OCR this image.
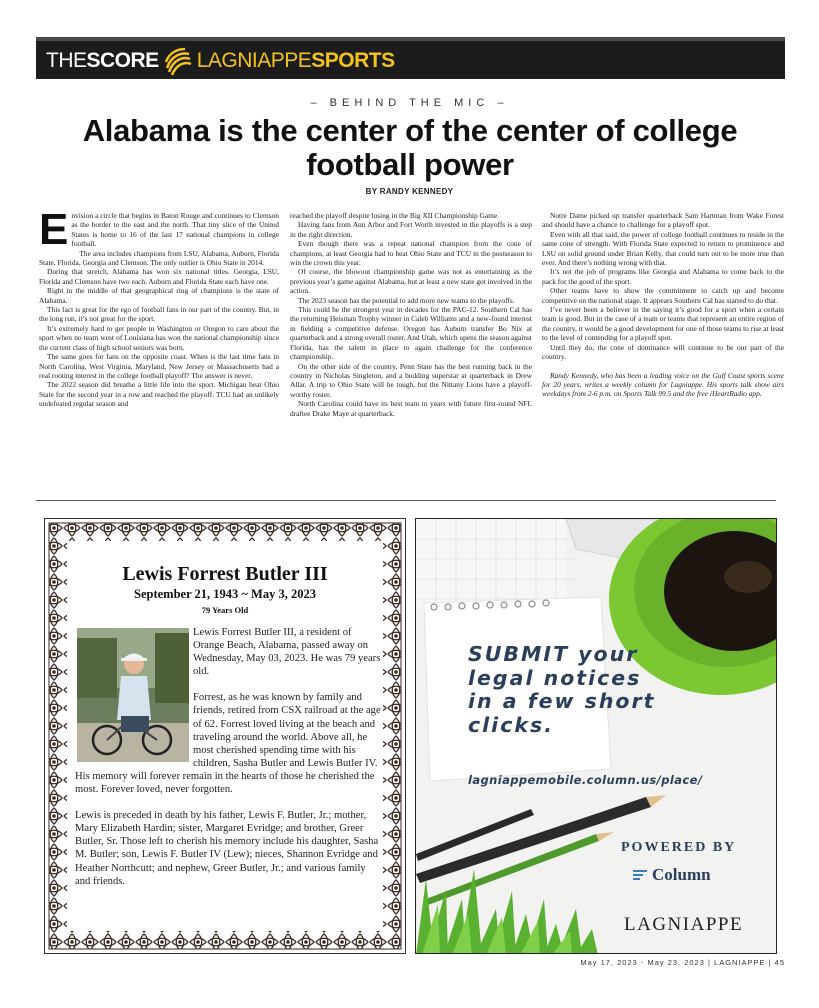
THE SCORE LAGNIAPPE SPORTS
– BEHIND THE MIC –
Alabama is the center of the center of college football power
BY RANDY KENNEDY
E nvision a circle that begins in Baton Rouge and continues to Clemson as the border to the east and the north. That tiny slice of the United States is home to 16 of the last 17 national champions in college football.

The area includes champions from LSU, Alabama, Auburn, Florida State, Florida, Georgia and Clemson. The only outlier is Ohio State in 2014.

During that stretch, Alabama has won six national titles. Georgia, LSU, Florida and Clemson have two each. Auburn and Florida State each have one.

Right in the middle of that geographical ring of champions is the state of Alabama.

This fact is great for the ego of football fans in our part of the country. But, in the long run, it’s not great for the sport.

It’s extremely hard to get people in Washington or Oregon to care about the sport when no team west of Louisiana has won the national championship since the current class of high school seniors was born.

The same goes for fans on the opposite coast. When is the last time fans in North Carolina, West Virginia, Maryland, New Jersey or Massachusetts had a real rooting interest in the college football playoff? The answer is never.

The 2022 season did breathe a little life into the sport. Michigan beat Ohio State for the second year in a row and reached the playoff. TCU had an unlikely undefeated regular season and

reached the playoff despite losing in the Big XII Championship Game.

Having fans from Ann Arbor and Fort Worth invested in the playoffs is a step in the right direction.

Even though there was a repeat national champion from the cone of champions, at least Georgia had to beat Ohio State and TCU in the postseason to win the crown this year.

Of course, the blowout championship game was not as entertaining as the previous year’s game against Alabama, but at least a new state got involved in the action.

The 2023 season has the potential to add more new teams to the playoffs.

This could be the strongest year in decades for the PAC-12. Southern Cal has the returning Heisman Trophy winner in Caleb Williams and a new-found interest in fielding a competitive defense. Oregon has Auburn transfer Bo Nix at quarterback and a strong overall roster. And Utah, which opens the season against Florida, has the talent in place to again challenge for the conference championship.

On the other side of the country, Penn State has the best running back in the country in Nicholas Singleton, and a budding superstar at quarterback in Drew Allar. A trip to Ohio State will be tough, but the Nittany Lions have a playoff-worthy roster.

North Carolina could have its best team in years with future first-round NFL draftee Drake Maye at quarterback.

Notre Dame picked up transfer quarterback Sam Hartman from Wake Forest and should have a chance to challenge for a playoff spot.

Even with all that said, the power of college football continues to reside in the same cone of strength. With Florida State expected to return to prominence and LSU on solid ground under Brian Kelly, that could turn out to be more true than ever. And there’s nothing wrong with that.

It’s not the job of programs like Georgia and Alabama to come back to the pack for the good of the sport.

Other teams have to show the commitment to catch up and become competitive on the national stage. It appears Southern Cal has started to do that.

I’ve never been a believer in the saying it’s good for a sport when a certain team is good. But in the case of a team or teams that represent an entire region of the country, it would be a good development for one of those teams to rise at least to the level of contending for a playoff spot.

Until they do, the cone of dominance will continue to be our part of the country.

Randy Kennedy, who has been a leading voice on the Gulf Coast sports scene for 20 years, writes a weekly column for Lagniappe. His sports talk show airs weekdays from 2-6 p.m. on Sports Talk 99.5 and the free iHeartRadio app.

Lewis Forrest Butler III
September 21, 1943 ~ May 3, 2023
79 Years Old

Lewis Forrest Butler III, a resident of Orange Beach, Alabama, passed away on Wednesday, May 03, 2023. He was 79 years old.

Forrest, as he was known by family and friends, retired from CSX railroad at the age of 62. Forrest loved living at the beach and traveling around the world. Above all, he most cherished spending time with his children, Sasha Butler and Lewis Butler IV. His memory will forever remain in the hearts of those he cherished the most. Forever loved, never forgotten.

Lewis is preceded in death by his father, Lewis F. Butler, Jr.; mother, Mary Elizabeth Hardin; sister, Margaret Evridge; and brother, Greer Butler, Sr. Those left to cherish his memory include his daughter, Sasha M. Butler; son, Lewis F. Butler IV (Lew); nieces, Shannon Evridge and Heather Northcutt; and nephew, Greer Butler, Jr.; and various family and friends.

SUBMIT your legal notices in a few short clicks.
lagniappemobile.column.us/place/
POWERED BY
Column
LAGNIAPPE
May 17, 2023 - May 23, 2023 | LAGNIAPPE | 45
